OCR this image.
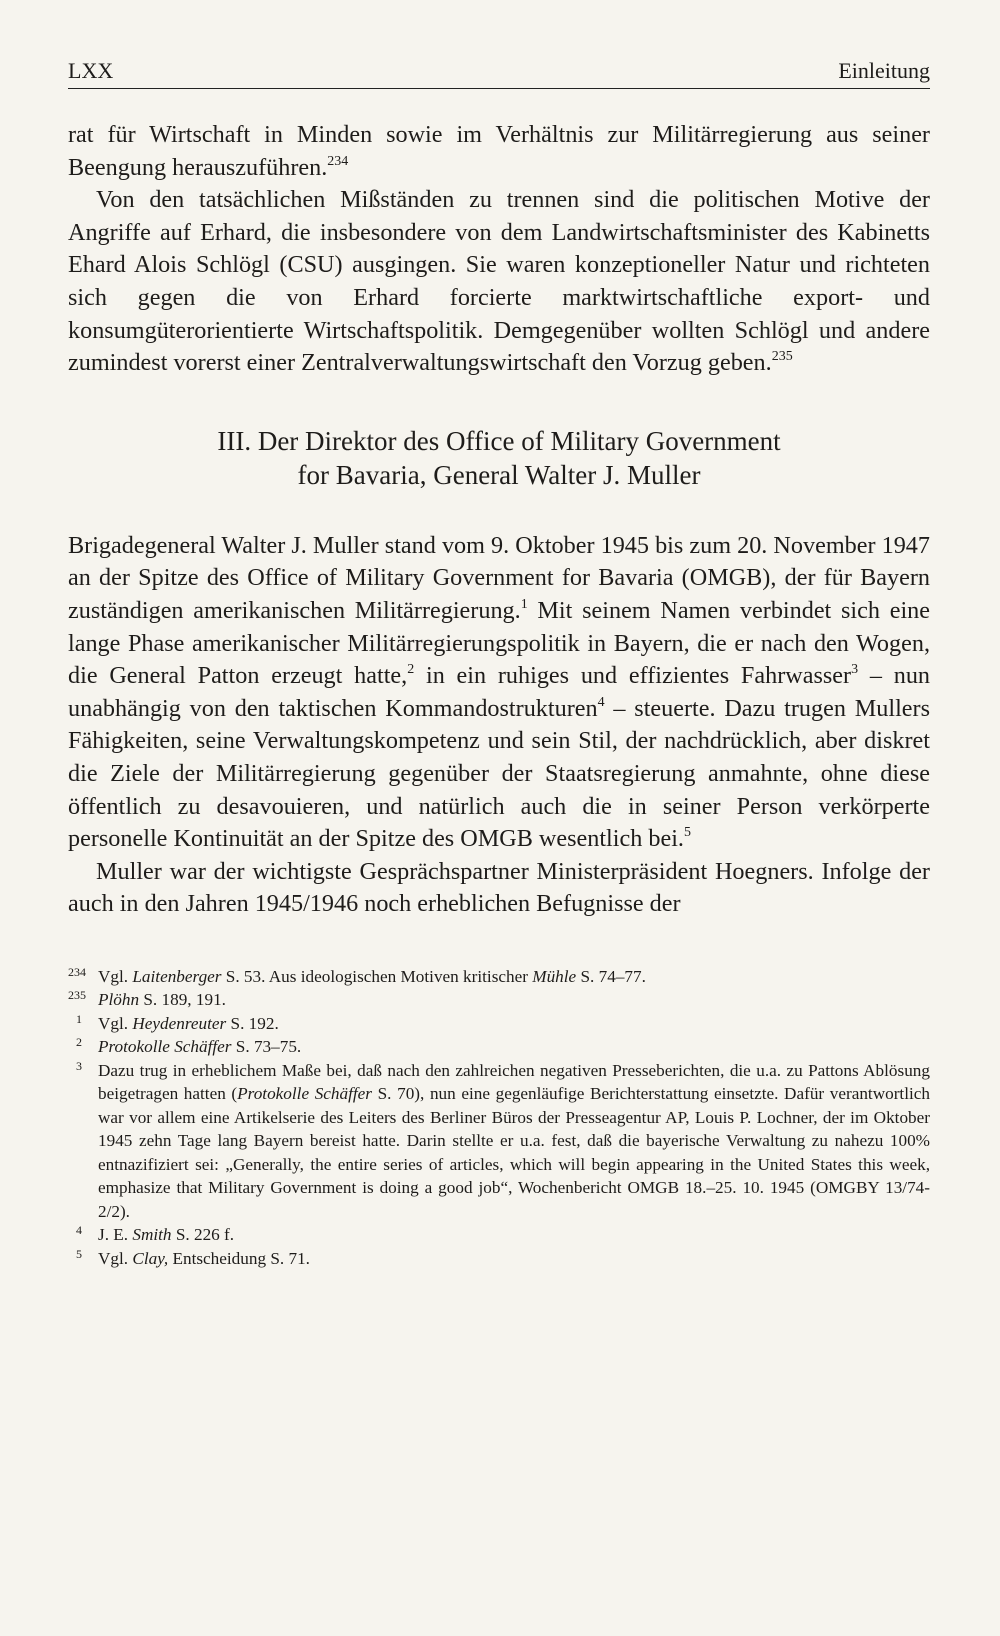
LXX	Einleitung

rat für Wirtschaft in Minden sowie im Verhältnis zur Militärregierung aus seiner Beengung herauszuführen.$^{234}$

Von den tatsächlichen Mißständen zu trennen sind die politischen Motive der Angriffe auf Erhard, die insbesondere von dem Landwirtschaftsminister des Kabinetts Ehard Alois Schlögl (CSU) ausgingen. Sie waren konzeptioneller Natur und richteten sich gegen die von Erhard forcierte marktwirtschaftliche export- und konsumgüterorientierte Wirtschaftspolitik. Demgegenüber wollten Schlögl und andere zumindest vorerst einer Zentralverwaltungswirtschaft den Vorzug geben.$^{235}$

III. Der Direktor des Office of Military Government
for Bavaria, General Walter J. Muller

Brigadegeneral Walter J. Muller stand vom 9. Oktober 1945 bis zum 20. November 1947 an der Spitze des Office of Military Government for Bavaria (OMGB), der für Bayern zuständigen amerikanischen Militärregierung.$^1$ Mit seinem Namen verbindet sich eine lange Phase amerikanischer Militärregierungspolitik in Bayern, die er nach den Wogen, die General Patton erzeugt hatte,$^2$ in ein ruhiges und effizientes Fahrwasser$^3$ – nun unabhängig von den taktischen Kommandostrukturen$^4$ – steuerte. Dazu trugen Mullers Fähigkeiten, seine Verwaltungskompetenz und sein Stil, der nachdrücklich, aber diskret die Ziele der Militärregierung gegenüber der Staatsregierung anmahnte, ohne diese öffentlich zu desavouieren, und natürlich auch die in seiner Person verkörperte personelle Kontinuität an der Spitze des OMGB wesentlich bei.$^5$

Muller war der wichtigste Gesprächspartner Ministerpräsident Hoegners. Infolge der auch in den Jahren 1945/1946 noch erheblichen Befugnisse der

234 Vgl. Laitenberger S. 53. Aus ideologischen Motiven kritischer Mühle S. 74–77.
235 Plöhn S. 189, 191.
1 Vgl. Heydenreuter S. 192.
2 Protokolle Schäffer S. 73–75.
3 Dazu trug in erheblichem Maße bei, daß nach den zahlreichen negativen Presseberichten, die u.a. zu Pattons Ablösung beigetragen hatten (Protokolle Schäffer S. 70), nun eine gegenläufige Berichterstattung einsetzte. Dafür verantwortlich war vor allem eine Artikelserie des Leiters des Berliner Büros der Presseagentur AP, Louis P. Lochner, der im Oktober 1945 zehn Tage lang Bayern bereist hatte. Darin stellte er u.a. fest, daß die bayerische Verwaltung zu nahezu 100% entnazifiziert sei: „Generally, the entire series of articles, which will begin appearing in the United States this week, emphasize that Military Government is doing a good job“, Wochenbericht OMGB 18.–25. 10. 1945 (OMGBY 13/74-2/2).
4 J. E. Smith S. 226 f.
5 Vgl. Clay, Entscheidung S. 71.
